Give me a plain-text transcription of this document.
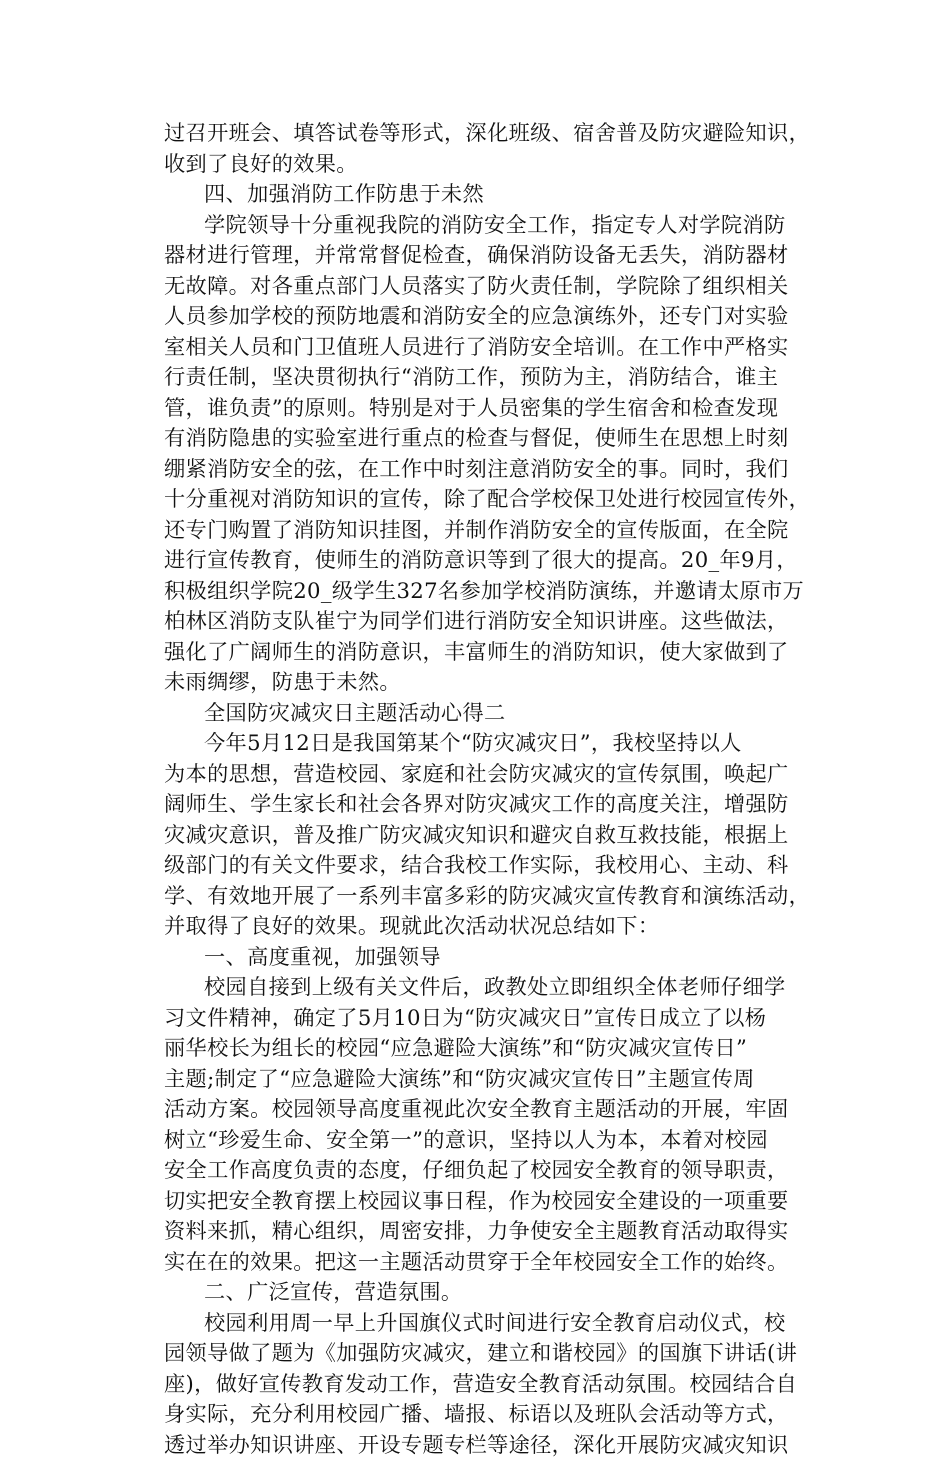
过召开班会、填答试卷等形式，深化班级、宿舍普及防灾避险知识，
收到了良好的效果。
四、加强消防工作防患于未然
学院领导十分重视我院的消防安全工作，指定专人对学院消防
器材进行管理，并常常督促检查，确保消防设备无丢失，消防器材
无故障。对各重点部门人员落实了防火责任制，学院除了组织相关
人员参加学校的预防地震和消防安全的应急演练外，还专门对实验
室相关人员和门卫值班人员进行了消防安全培训。在工作中严格实
行责任制，坚决贯彻执行“消防工作，预防为主，消防结合，谁主
管，谁负责”的原则。特别是对于人员密集的学生宿舍和检查发现
有消防隐患的实验室进行重点的检查与督促，使师生在思想上时刻
绷紧消防安全的弦，在工作中时刻注意消防安全的事。同时，我们
十分重视对消防知识的宣传，除了配合学校保卫处进行校园宣传外，
还专门购置了消防知识挂图，并制作消防安全的宣传版面，在全院
进行宣传教育，使师生的消防意识等到了很大的提高。20_年9月，
积极组织学院20_级学生327名参加学校消防演练，并邀请太原市万
柏林区消防支队崔宁为同学们进行消防安全知识讲座。这些做法，
强化了广阔师生的消防意识，丰富师生的消防知识，使大家做到了
未雨绸缪，防患于未然。
全国防灾减灾日主题活动心得二
今年5月12日是我国第某个“防灾减灾日”，我校坚持以人
为本的思想，营造校园、家庭和社会防灾减灾的宣传氛围，唤起广
阔师生、学生家长和社会各界对防灾减灾工作的高度关注，增强防
灾减灾意识，普及推广防灾减灾知识和避灾自救互救技能，根据上
级部门的有关文件要求，结合我校工作实际，我校用心、主动、科
学、有效地开展了一系列丰富多彩的防灾减灾宣传教育和演练活动，
并取得了良好的效果。现就此次活动状况总结如下：
一、高度重视，加强领导
校园自接到上级有关文件后，政教处立即组织全体老师仔细学
习文件精神，确定了5月10日为“防灾减灾日”宣传日成立了以杨
丽华校长为组长的校园“应急避险大演练”和“防灾减灾宣传日”
主题;制定了“应急避险大演练”和“防灾减灾宣传日”主题宣传周
活动方案。校园领导高度重视此次安全教育主题活动的开展，牢固
树立“珍爱生命、安全第一”的意识，坚持以人为本，本着对校园
安全工作高度负责的态度，仔细负起了校园安全教育的领导职责，
切实把安全教育摆上校园议事日程，作为校园安全建设的一项重要
资料来抓，精心组织，周密安排，力争使安全主题教育活动取得实
实在在的效果。把这一主题活动贯穿于全年校园安全工作的始终。
二、广泛宣传，营造氛围。
校园利用周一早上升国旗仪式时间进行安全教育启动仪式，校
园领导做了题为《加强防灾减灾，建立和谐校园》的国旗下讲话(讲
座)，做好宣传教育发动工作，营造安全教育活动氛围。校园结合自
身实际，充分利用校园广播、墙报、标语以及班队会活动等方式，
透过举办知识讲座、开设专题专栏等途径，深化开展防灾减灾知识
